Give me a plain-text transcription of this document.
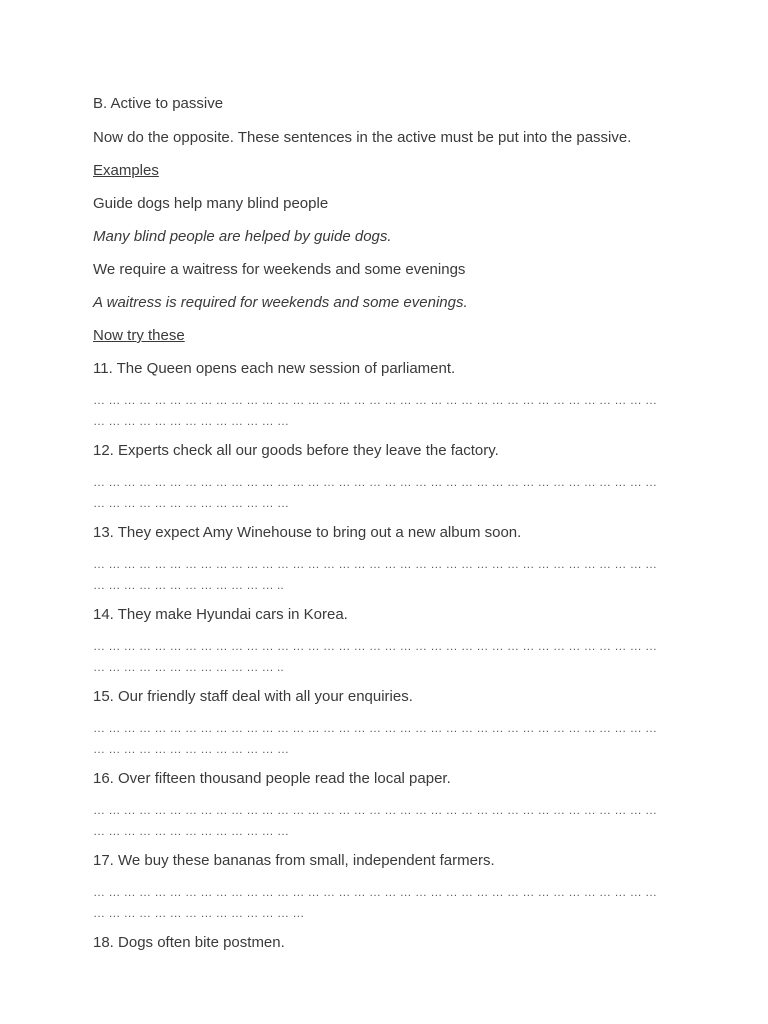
B. Active to passive

Now do the opposite. These sentences in the active must be put into the passive.

Examples

Guide dogs help many blind people

Many blind people are helped by guide dogs.

We require a waitress for weekends and some evenings

A waitress is required for weekends and some evenings.

Now try these

11. The Queen opens each new session of parliament.

… … … … … … … … … … … … … … … … … … … … … … … … … … … … … … … … … … … … … … … … … … … … … … … … … …

12. Experts check all our goods before they leave the factory.

… … … … … … … … … … … … … … … … … … … … … … … … … … … … … … … … … … … … … … … … … … … … … … … … … …

13. They expect Amy Winehouse to bring out a new album soon.

… … … … … … … … … … … … … … … … … … … … … … … … … … … … … … … … … … … … … … … … … … … … … … … … … ..

14. They make Hyundai cars in Korea.

… … … … … … … … … … … … … … … … … … … … … … … … … … … … … … … … … … … … … … … … … … … … … … … … … ..

15. Our friendly staff deal with all your enquiries.

… … … … … … … … … … … … … … … … … … … … … … … … … … … … … … … … … … … … … … … … … … … … … … … … … …

16. Over fifteen thousand people read the local paper.

… … … … … … … … … … … … … … … … … … … … … … … … … … … … … … … … … … … … … … … … … … … … … … … … … …

17. We buy these bananas from small, independent farmers.

… … … … … … … … … … … … … … … … … … … … … … … … … … … … … … … … … … … … … … … … … … … … … … … … … … …

18. Dogs often bite postmen.
